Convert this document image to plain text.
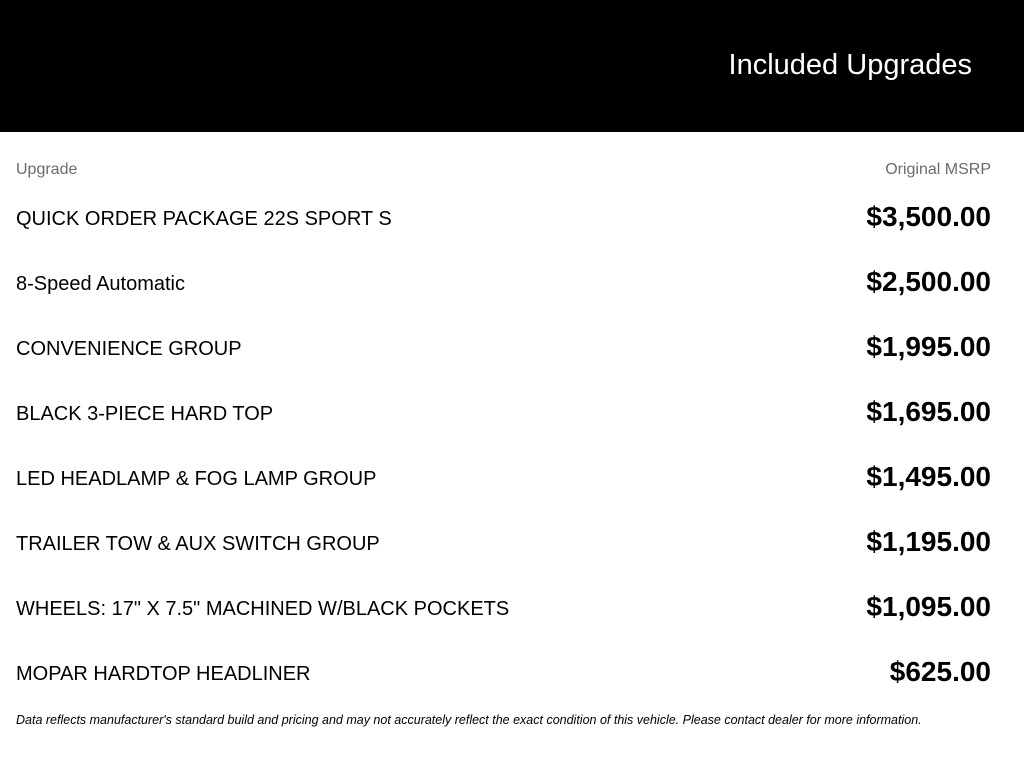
Included Upgrades
Upgrade	Original MSRP
QUICK ORDER PACKAGE 22S SPORT S	$3,500.00
8-Speed Automatic	$2,500.00
CONVENIENCE GROUP	$1,995.00
BLACK 3-PIECE HARD TOP	$1,695.00
LED HEADLAMP & FOG LAMP GROUP	$1,495.00
TRAILER TOW & AUX SWITCH GROUP	$1,195.00
WHEELS: 17" X 7.5" MACHINED W/BLACK POCKETS	$1,095.00
MOPAR HARDTOP HEADLINER	$625.00
Data reflects manufacturer's standard build and pricing and may not accurately reflect the exact condition of this vehicle. Please contact dealer for more information.
